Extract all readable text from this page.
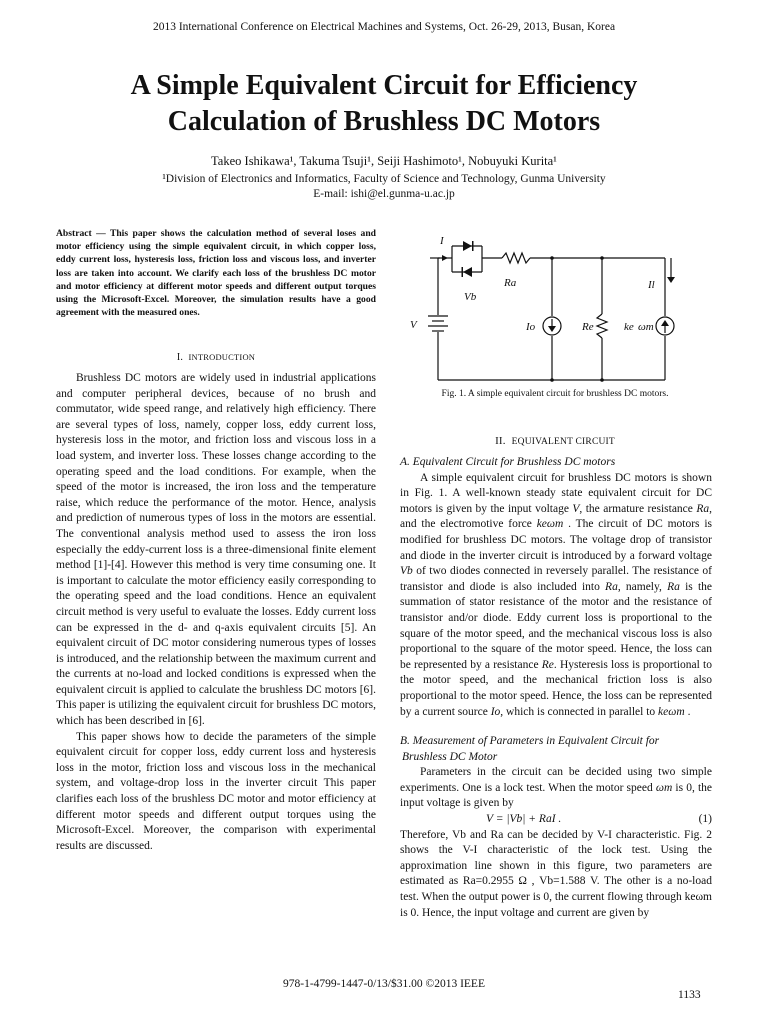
2013 International Conference on Electrical Machines and Systems, Oct. 26-29, 2013, Busan, Korea
A Simple Equivalent Circuit for Efficiency
Calculation of Brushless DC Motors
Takeo Ishikawa¹, Takuma Tsuji¹, Seiji Hashimoto¹, Nobuyuki Kurita¹
¹Division of Electronics and Informatics, Faculty of Science and Technology, Gunma University
E-mail: ishi@el.gunma-u.ac.jp
Abstract — This paper shows the calculation method of several loses and motor efficiency using the simple equivalent circuit, in which copper loss, eddy current loss, hysteresis loss, friction loss and viscous loss, and inverter loss are taken into account. We clarify each loss of the brushless DC motor and motor efficiency at different motor speeds and different output torques using the Microsoft-Excel. Moreover, the simulation results have a good agreement with the measured ones.
I. INTRODUCTION

Brushless DC motors are widely used in industrial applications and computer peripheral devices, because of no brush and commutator, wide speed range, and relatively high efficiency. There are several types of loss, namely, copper loss, eddy current loss, hysteresis loss in the motor, and friction loss and viscous loss in a load system, and inverter loss. These losses change according to the operating speed and the load conditions. For example, when the speed of the motor is increased, the iron loss and the temperature raise, which reduce the performance of the motor. Hence, analysis and prediction of numerous types of loss in the motors are essential. The conventional analysis method used to assess the iron loss especially the eddy-current loss is a three-dimensional finite element method [1]-[4]. However this method is very time consuming one. It is important to calculate the motor efficiency easily corresponding to the operating speed and the load conditions. Hence an equivalent circuit method is very useful to evaluate the losses. Eddy current loss can be expressed in the d- and q-axis equivalent circuits [5]. An equivalent circuit of DC motor considering numerous types of losses is introduced, and the relationship between the maximum current and the currents at no-load and locked conditions is expressed when the equivalent circuit is applied to calculate the brushless DC motors [6]. This paper is utilizing the equivalent circuit for brushless DC motors, which has been described in [6].

This paper shows how to decide the parameters of the simple equivalent circuit for copper loss, eddy current loss and hysteresis loss in the motor, friction loss and viscous loss in the mechanical system, and voltage-drop loss in the inverter circuit This paper clarifies each loss of the brushless DC motor and motor efficiency at different motor speeds and different output torques using the Microsoft-Excel. Moreover, the comparison with experimental results are discussed.

I
Ra
Vb
Il
V	Io	Re	ke ωm
Fig. 1. A simple equivalent circuit for brushless DC motors.
II. EQUIVALENT CIRCUIT
A. Equivalent Circuit for Brushless DC motors

A simple equivalent circuit for brushless DC motors is shown in Fig. 1. A well-known steady state equivalent circuit for DC motors is given by the input voltage V, the armature resistance Ra, and the electromotive force keωm . The circuit of DC motors is modified for brushless DC motors. The voltage drop of transistor and diode in the inverter circuit is introduced by a forward voltage Vb of two diodes connected in reversely parallel. The resistance of transistor and diode is also included into Ra, namely, Ra is the summation of stator resistance of the motor and the resistance of transistor and/or diode. Eddy current loss is proportional to the square of the motor speed, and the mechanical viscous loss is also proportional to the square of the motor speed. Hence, the loss can be represented by a resistance Re. Hysteresis loss is proportional to the motor speed, and the mechanical friction loss is also proportional to the motor speed. Hence, the loss can be represented by a current source Io, which is connected in parallel to keωm .

B. Measurement of Parameters in Equivalent Circuit for
Brushless DC Motor

Parameters in the circuit can be decided using two simple experiments. One is a lock test. When the motor speed ωm is 0, the input voltage is given by

V = |Vb| + RaI .	(1)

Therefore, Vb and Ra can be decided by V-I characteristic. Fig. 2 shows the V-I characteristic of the lock test. Using the approximation line shown in this figure, two parameters are estimated as Ra=0.2955 Ω , Vb=1.588 V. The other is a no-load test. When the output power is 0, the current flowing through keωm is 0. Hence, the input voltage and current are given by

978-1-4799-1447-0/13/$31.00 ©2013 IEEE
1133
